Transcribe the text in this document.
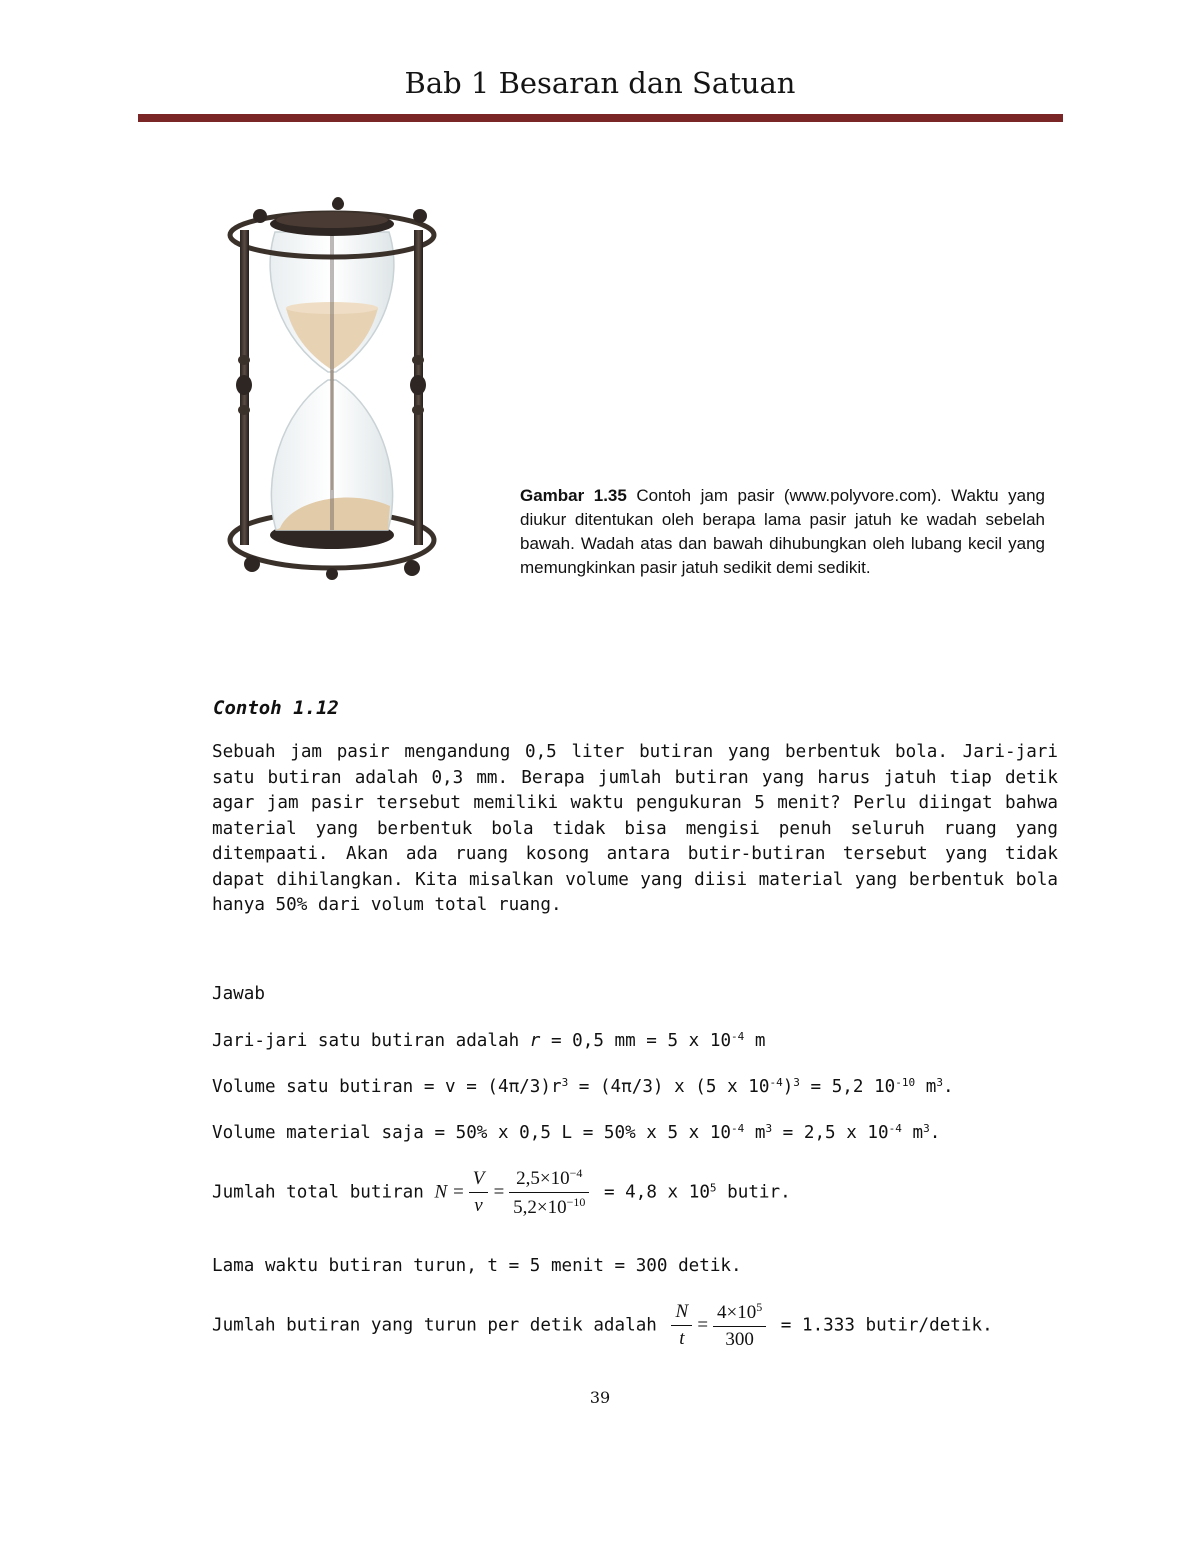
Bab 1 Besaran dan Satuan
Gambar 1.35 Contoh jam pasir (www.polyvore.com). Waktu yang diukur ditentukan oleh berapa lama pasir jatuh ke wadah sebelah bawah. Wadah atas dan bawah dihubungkan oleh lubang kecil yang memungkinkan pasir jatuh sedikit demi sedikit.
Contoh 1.12
Sebuah jam pasir mengandung 0,5 liter butiran yang berbentuk bola. Jari-jari satu butiran adalah 0,3 mm. Berapa jumlah butiran yang harus jatuh tiap detik agar jam pasir tersebut memiliki waktu pengukuran 5 menit? Perlu diingat bahwa material yang berbentuk bola tidak bisa mengisi penuh seluruh ruang yang ditempaati. Akan ada ruang kosong antara butir-butiran tersebut yang tidak dapat dihilangkan. Kita misalkan volume yang diisi material yang berbentuk bola hanya 50% dari volum total ruang.
Jawab
Jari-jari satu butiran adalah r = 0,5 mm = 5 x $10^{-4}$ m
Volume satu butiran = $v = (4\pi/3)r^3 = (4\pi/3)$ x (5 x $10^{-4})^3 = 5,2$ $10^{-10}$ $m^3$.
Volume material saja = 50% x 0,5 L = 50% x 5 x $10^{-4}$ $m^3 = 2,5$ x $10^{-4}$ $m^3$.
Jumlah total butiran $N = \frac{V}{v} = \frac{2,5\times 10^{-4}}{5,2\times 10^{-10}} = 4,8$ x $10^5$ butir.
Lama waktu butiran turun, t = 5 menit = 300 detik.
Jumlah butiran yang turun per detik adalah $\frac{N}{t} = \frac{4\times 10^5}{300} = 1.333$ butir/detik.
39
